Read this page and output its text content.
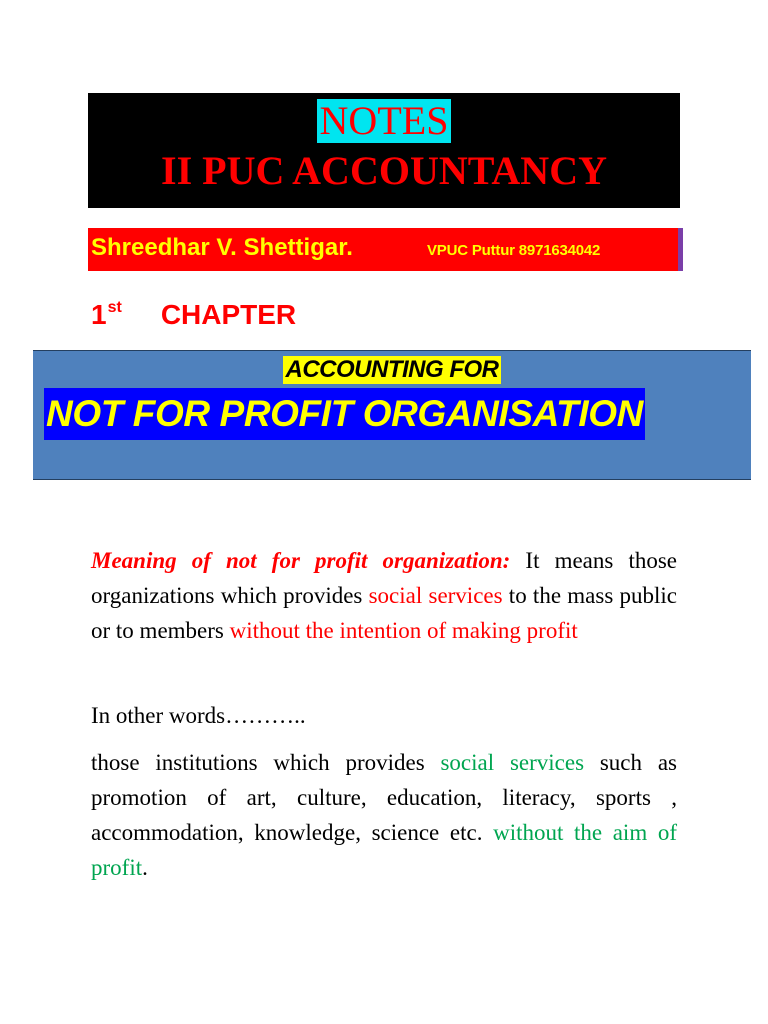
NOTES
II PUC ACCOUNTANCY
Shreedhar V. Shettigar.	VPUC Puttur 8971634042
1st CHAPTER
ACCOUNTING FOR
NOT FOR PROFIT ORGANISATION
Meaning of not for profit organization: It means those organizations which provides social services to the mass public or to members without the intention of making profit
In other words………..
those institutions which provides social services such as promotion of art, culture, education, literacy, sports , accommodation, knowledge, science etc. without the aim of profit.
